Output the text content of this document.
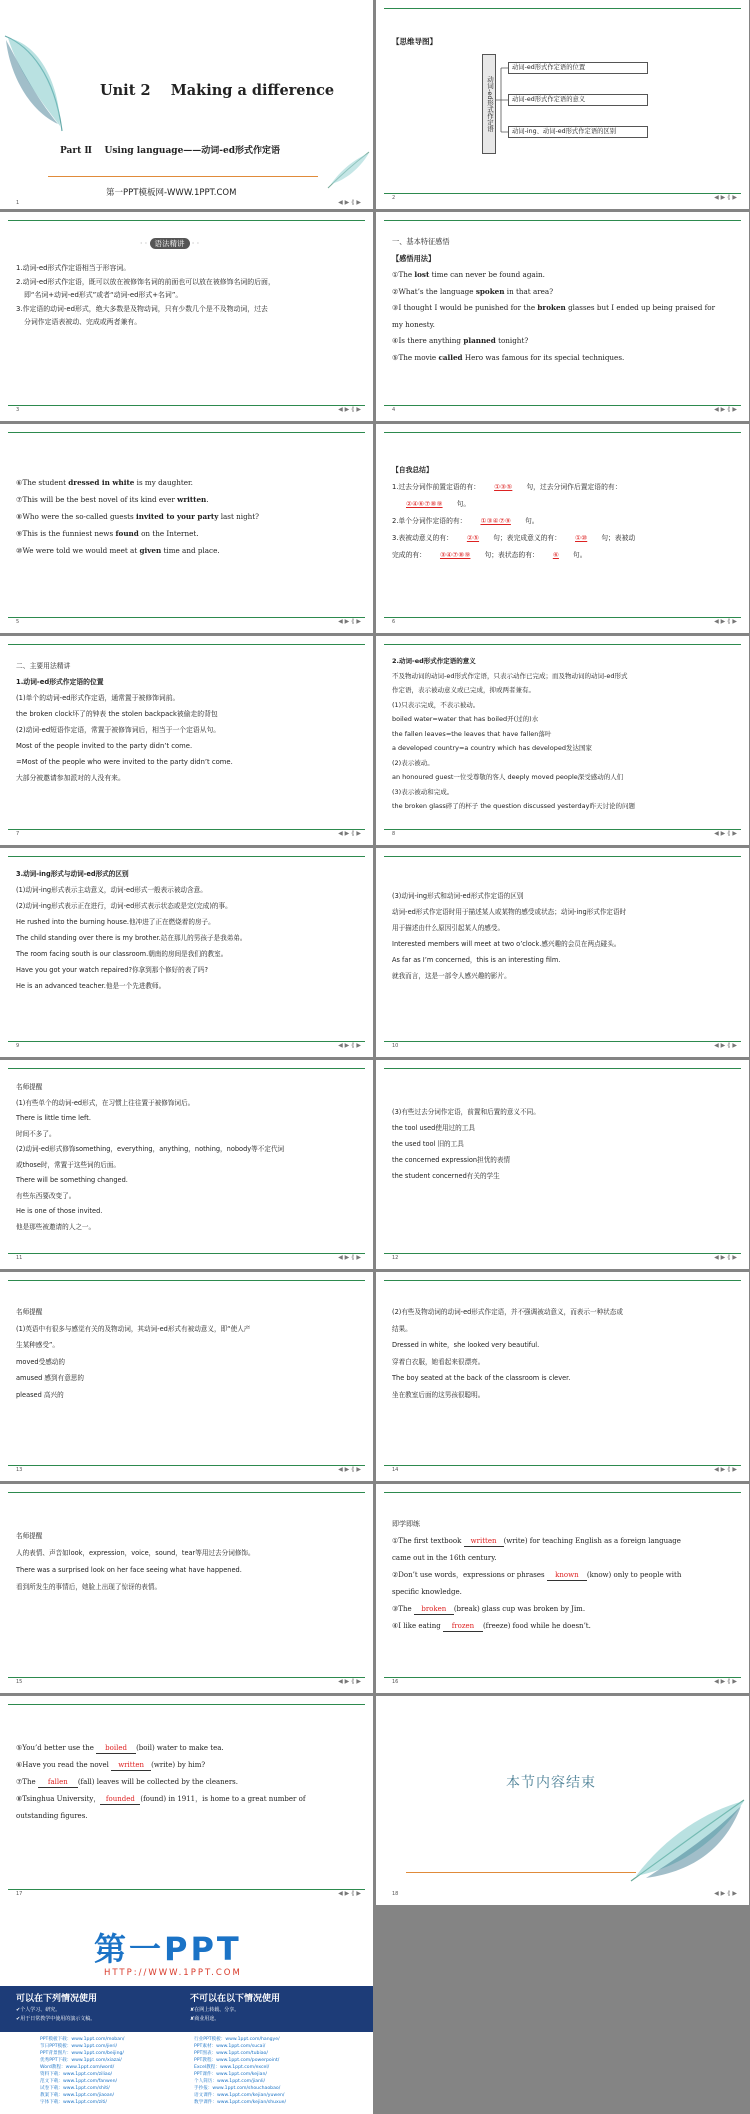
Unit 2    Making a difference
Part Ⅱ    Using language——动词-ed形式作定语
第一PPT模板网-WWW.1PPT.COM
1	◀ ▶ ⟪ ▶
【思维导图】
动词-ed形式作定语
动词-ed形式作定语的位置
动词-ed形式作定语的意义
动词-ing、动词-ed形式作定语的区别
2	◀ ▶ ⟪ ▶
· · 语法精讲 · ·
1.动词-ed形式作定语相当于形容词。
2.动词-ed形式作定语，既可以放在被修饰名词的前面也可以放在被修饰名词的后面，
即“名词+动词-ed形式”或者“动词-ed形式+名词”。
3.作定语的动词-ed形式，绝大多数是及物动词，只有少数几个是不及物动词，过去
分词作定语表被动、完成或两者兼有。
3	◀ ▶ ⟪ ▶
一、基本特征感悟
【感悟用法】
①The lost time can never be found again.
②What’s the language spoken in that area?
③I thought I would be punished for the broken glasses but I ended up being praised for
my honesty.
④Is there anything planned tonight?
⑤The movie called Hero was famous for its special techniques.
4	◀ ▶ ⟪ ▶
⑥The student dressed in white is my daughter.
⑦This will be the best novel of its kind ever written.
⑧Who were the so-called guests invited to your party last night?
⑨This is the funniest news found on the Internet.
⑩We were told we would meet at given time and place.
5	◀ ▶ ⟪ ▶
【自我总结】
1.过去分词作前置定语的有： ①③⑤ 句，过去分词作后置定语的有：
②④⑥⑦⑧⑨ 句。
2.单个分词作定语的有： ①③④⑦⑨ 句。
3.表被动意义的有： ②⑤ 句；表完成意义的有： ①⑩ 句；表被动
完成的有： ③④⑦⑧⑨ 句；表状态的有： ⑥ 句。
6	◀ ▶ ⟪ ▶
二、主要用法精讲
1.动词-ed形式作定语的位置
(1)单个的动词-ed形式作定语，通常置于被修饰词前。
the broken clock坏了的钟表 the stolen backpack被偷走的背包
(2)动词-ed短语作定语，常置于被修饰词后，相当于一个定语从句。
Most of the people invited to the party didn’t come.
=Most of the people who were invited to the party didn’t come.
大部分被邀请参加派对的人没有来。
7	◀ ▶ ⟪ ▶
2.动词-ed形式作定语的意义
不及物动词的动词-ed形式作定语，只表示动作已完成；而及物动词的动词-ed形式
作定语，表示被动意义或已完成，抑或两者兼有。
(1)只表示完成，不表示被动。
boiled water=water that has boiled开(过的)水
the fallen leaves=the leaves that have fallen落叶
a developed country=a country which has developed发达国家
(2)表示被动。
an honoured guest一位受尊敬的客人 deeply moved people深受感动的人们
(3)表示被动和完成。
the broken glass碎了的杯子 the question discussed yesterday昨天讨论的问题
8	◀ ▶ ⟪ ▶
3.动词-ing形式与动词-ed形式的区别
(1)动词-ing形式表示主动意义，动词-ed形式一般表示被动含意。
(2)动词-ing形式表示正在进行，动词-ed形式表示状态或是完(完成)的事。
He rushed into the burning house.他冲进了正在燃烧着的房子。
The child standing over there is my brother.站在那儿的男孩子是我弟弟。
The room facing south is our classroom.朝南的房间是我们的教室。
Have you got your watch repaired?你拿到那个修好的表了吗?
He is an advanced teacher.他是一个先进教师。
9	◀ ▶ ⟪ ▶
(3)动词-ing形式和动词-ed形式作定语的区别
动词-ed形式作定语时用于描述某人或某物的感受或状态；动词-ing形式作定语时
用于描述由什么原因引起某人的感受。
Interested members will meet at two o’clock.感兴趣的会员在两点碰头。
As far as I’m concerned，this is an interesting film.
就我而言，这是一部令人感兴趣的影片。
10	◀ ▶ ⟪ ▶
名师提醒
(1)有些单个的动词-ed形式，在习惯上往往置于被修饰词后。
There is little time left.
时间不多了。
(2)动词-ed形式修饰something，everything，anything，nothing，nobody等不定代词
或those时，常置于这些词的后面。
There will be something changed.
有些东西要改变了。
He is one of those invited.
他是那些被邀请的人之一。
11	◀ ▶ ⟪ ▶
(3)有些过去分词作定语，前置和后置的意义不同。
the tool used使用过的工具
the used tool 旧的工具
the concerned expression担忧的表情
the student concerned有关的学生
12	◀ ▶ ⟪ ▶
名师提醒
(1)英语中有很多与感觉有关的及物动词，其动词-ed形式有被动意义，即“使人产
生某种感受”。
moved受感动的
amused 感到有意思的
pleased 高兴的
13	◀ ▶ ⟪ ▶
(2)有些及物动词的动词-ed形式作定语，并不强调被动意义，而表示一种状态或
结果。
Dressed in white，she looked very beautiful.
穿着白衣服，她看起来很漂亮。
The boy seated at the back of the classroom is clever.
坐在教室后面的这男孩很聪明。
14	◀ ▶ ⟪ ▶
名师提醒
人的表情、声音如look，expression，voice，sound，tear等用过去分词修饰。
There was a surprised look on her face seeing what have happened.
看到所发生的事情后，她脸上出现了惊讶的表情。
15	◀ ▶ ⟪ ▶
即学即练
①The first textbook written (write) for teaching English as a foreign language
came out in the 16th century.
②Don’t use words，expressions or phrases known (know) only to people with
specific knowledge.
③The broken (break) glass cup was broken by Jim.
④I like eating frozen (freeze) food while he doesn’t.
16	◀ ▶ ⟪ ▶
⑤You’d better use the boiled (boil) water to make tea.
⑥Have you read the novel written (write) by him?
⑦The fallen (fall) leaves will be collected by the cleaners.
⑧Tsinghua University， founded (found) in 1911，is home to a great number of
outstanding figures.
17	◀ ▶ ⟪ ▶
本节内容结束
18	◀ ▶ ⟪ ▶
第一PPT
HTTP://WWW.1PPT.COM
可以在下列情况使用
✔个人学习、研究。
✔用于日常教学中使用的演示文稿。
不可以在以下情况使用
✘在网上转载、分享。
✘商业用途。
PPT模板下载：www.1ppt.com/moban/
节日PPT模板：www.1ppt.com/jieri/
PPT背景图片：www.1ppt.com/beijing/
优秀PPT下载：www.1ppt.com/xiazai/
Word教程：www.1ppt.com/word/
资料下载：www.1ppt.com/ziliao/
范文下载：www.1ppt.com/fanwen/
试卷下载：www.1ppt.com/shiti/
教案下载：www.1ppt.com/jiaoan/
字体下载：www.1ppt.com/ziti/
行业PPT模板：www.1ppt.com/hangye/
PPT素材：www.1ppt.com/sucai/
PPT图表：www.1ppt.com/tubiao/
PPT教程：www.1ppt.com/powerpoint/
Excel教程：www.1ppt.com/excel/
PPT课件：www.1ppt.com/kejian/
个人简历：www.1ppt.com/jianli/
手抄报：www.1ppt.com/shouchaobao/
语文课件：www.1ppt.com/kejian/yuwen/
数学课件：www.1ppt.com/kejian/shuxue/
